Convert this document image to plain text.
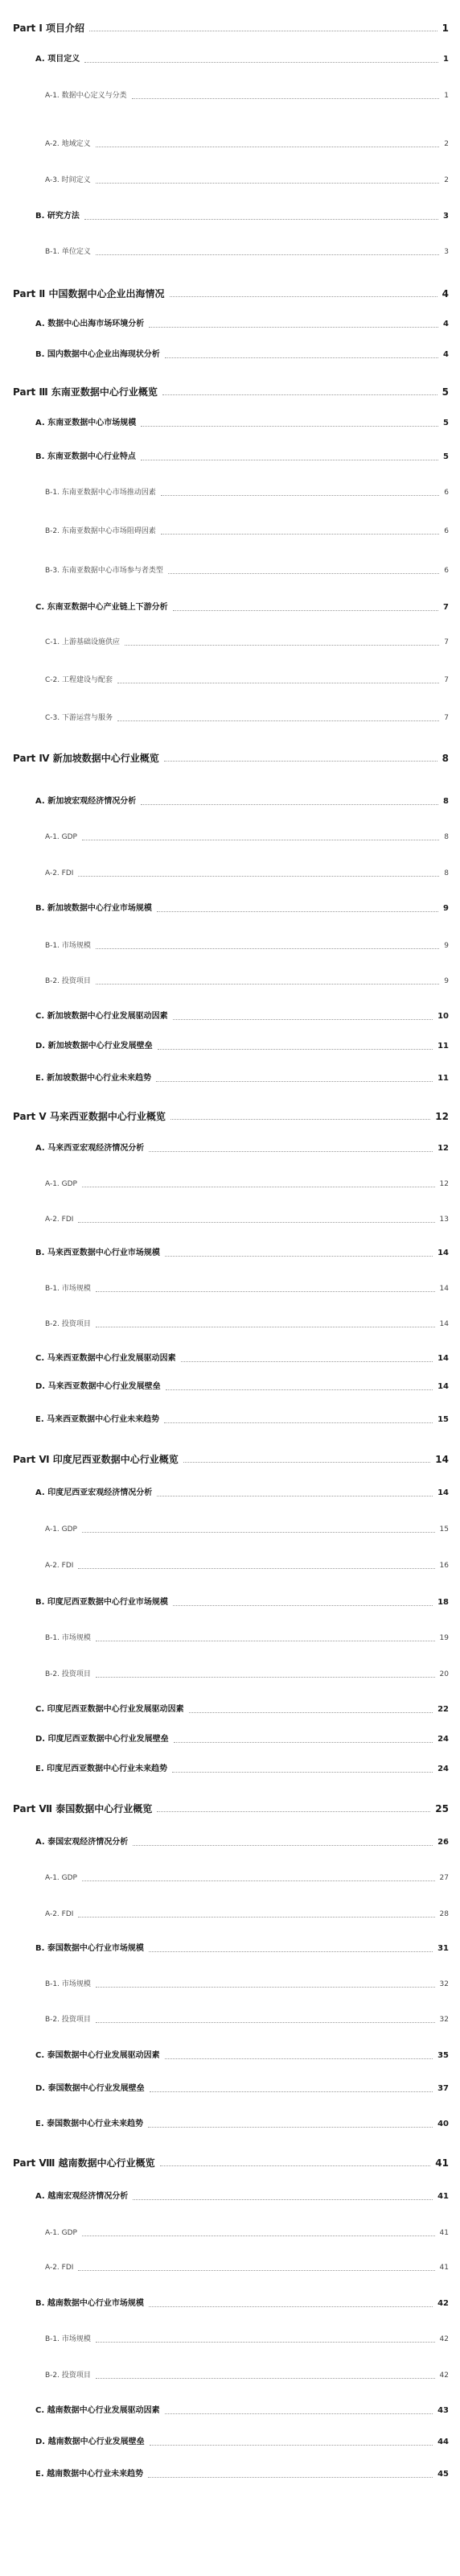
Part Ⅰ 项目介绍	1
A. 项目定义	1
A-1. 数据中心定义与分类	1
A-2. 地域定义	2
A-3. 时间定义	2
B. 研究方法	3
B-1. 单位定义	3
Part Ⅱ 中国数据中心企业出海情况	4
A. 数据中心出海市场环境分析	4
B. 国内数据中心企业出海现状分析	4
Part Ⅲ 东南亚数据中心行业概览	5
A. 东南亚数据中心市场规模	5
B. 东南亚数据中心行业特点	5
B-1. 东南亚数据中心市场推动因素	6
B-2. 东南亚数据中心市场阻碍因素	6
B-3. 东南亚数据中心市场参与者类型	6
C. 东南亚数据中心产业链上下游分析	7
C-1. 上游基础设施供应	7
C-2. 工程建设与配套	7
C-3. 下游运营与服务	7
Part Ⅳ 新加坡数据中心行业概览	8
A. 新加坡宏观经济情况分析	8
A-1. GDP	8
A-2. FDI	8
B. 新加坡数据中心行业市场规模	9
B-1. 市场规模	9
B-2. 投资项目	9
C. 新加坡数据中心行业发展驱动因素	10
D. 新加坡数据中心行业发展壁垒	11
E. 新加坡数据中心行业未来趋势	11
Part Ⅴ 马来西亚数据中心行业概览	12
A. 马来西亚宏观经济情况分析	12
A-1. GDP	12
A-2. FDI	13
B. 马来西亚数据中心行业市场规模	14
B-1. 市场规模	14
B-2. 投资项目	14
C. 马来西亚数据中心行业发展驱动因素	14
D. 马来西亚数据中心行业发展壁垒	14
E. 马来西亚数据中心行业未来趋势	15
Part Ⅵ 印度尼西亚数据中心行业概览	14
A. 印度尼西亚宏观经济情况分析	14
A-1. GDP	15
A-2. FDI	16
B. 印度尼西亚数据中心行业市场规模	18
B-1. 市场规模	19
B-2. 投资项目	20
C. 印度尼西亚数据中心行业发展驱动因素	22
D. 印度尼西亚数据中心行业发展壁垒	24
E. 印度尼西亚数据中心行业未来趋势	24
Part Ⅶ 泰国数据中心行业概览	25
A. 泰国宏观经济情况分析	26
A-1. GDP	27
A-2. FDI	28
B. 泰国数据中心行业市场规模	31
B-1. 市场规模	32
B-2. 投资项目	32
C. 泰国数据中心行业发展驱动因素	35
D. 泰国数据中心行业发展壁垒	37
E. 泰国数据中心行业未来趋势	40
Part Ⅷ 越南数据中心行业概览	41
A. 越南宏观经济情况分析	41
A-1. GDP	41
A-2. FDI	41
B. 越南数据中心行业市场规模	42
B-1. 市场规模	42
B-2. 投资项目	42
C. 越南数据中心行业发展驱动因素	43
D. 越南数据中心行业发展壁垒	44
E. 越南数据中心行业未来趋势	45
